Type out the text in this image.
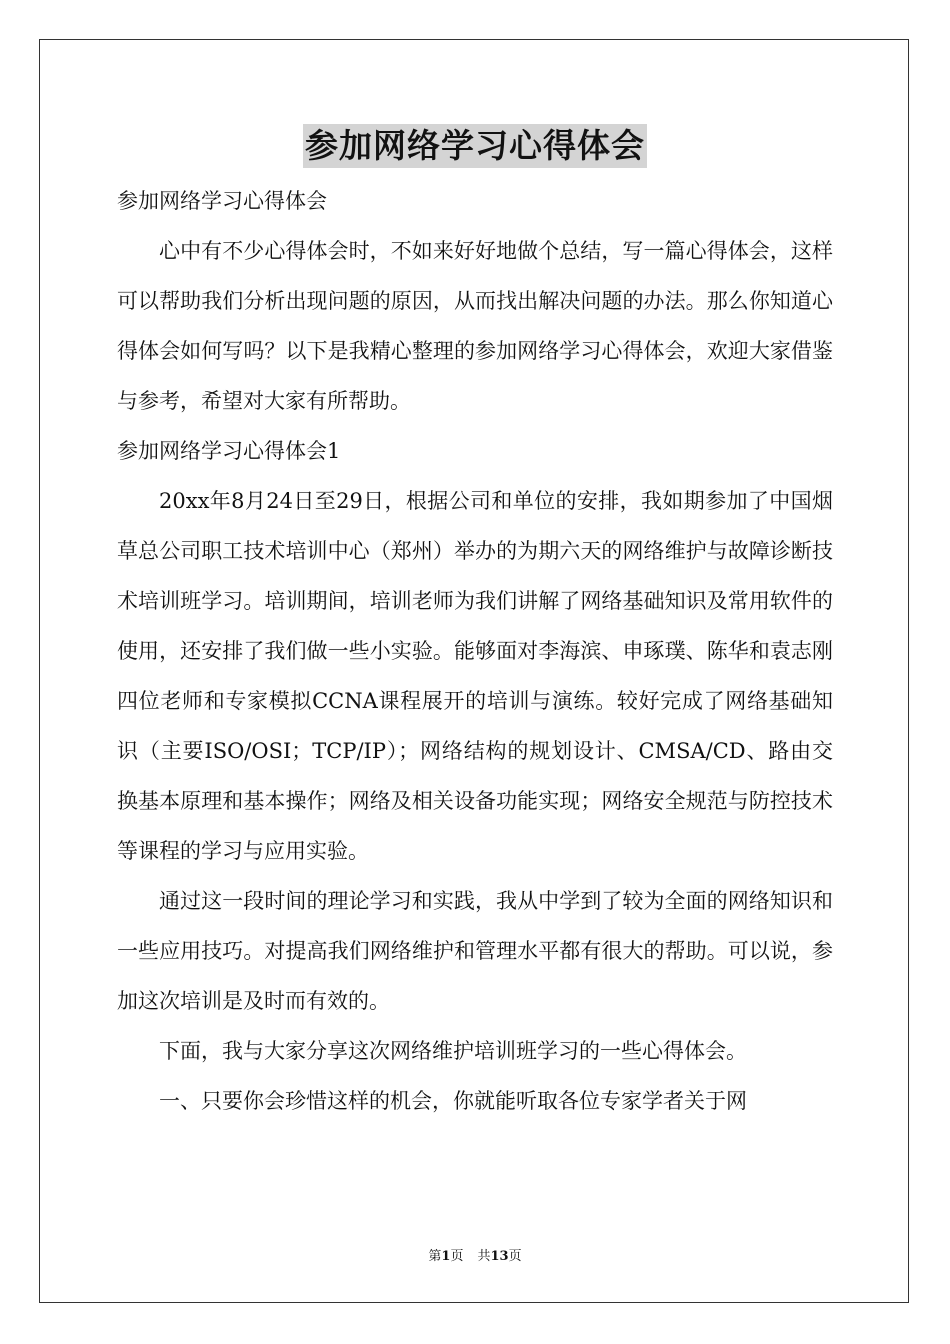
参加网络学习心得体会

参加网络学习心得体会

心中有不少心得体会时，不如来好好地做个总结，写一篇心得体会，这样可以帮助我们分析出现问题的原因，从而找出解决问题的办法。那么你知道心得体会如何写吗？以下是我精心整理的参加网络学习心得体会，欢迎大家借鉴与参考，希望对大家有所帮助。

参加网络学习心得体会1

20xx年8月24日至29日，根据公司和单位的安排，我如期参加了中国烟草总公司职工技术培训中心（郑州）举办的为期六天的网络维护与故障诊断技术培训班学习。培训期间，培训老师为我们讲解了网络基础知识及常用软件的使用，还安排了我们做一些小实验。能够面对李海滨、申琢璞、陈华和袁志刚四位老师和专家模拟CCNA课程展开的培训与演练。较好完成了网络基础知识（主要ISO/OSI；TCP/IP）；网络结构的规划设计、CMSA/CD、路由交换基本原理和基本操作；网络及相关设备功能实现；网络安全规范与防控技术等课程的学习与应用实验。

通过这一段时间的理论学习和实践，我从中学到了较为全面的网络知识和一些应用技巧。对提高我们网络维护和管理水平都有很大的帮助。可以说，参加这次培训是及时而有效的。

下面，我与大家分享这次网络维护培训班学习的一些心得体会。

一、只要你会珍惜这样的机会，你就能听取各位专家学者关于网

第1页 共13页
